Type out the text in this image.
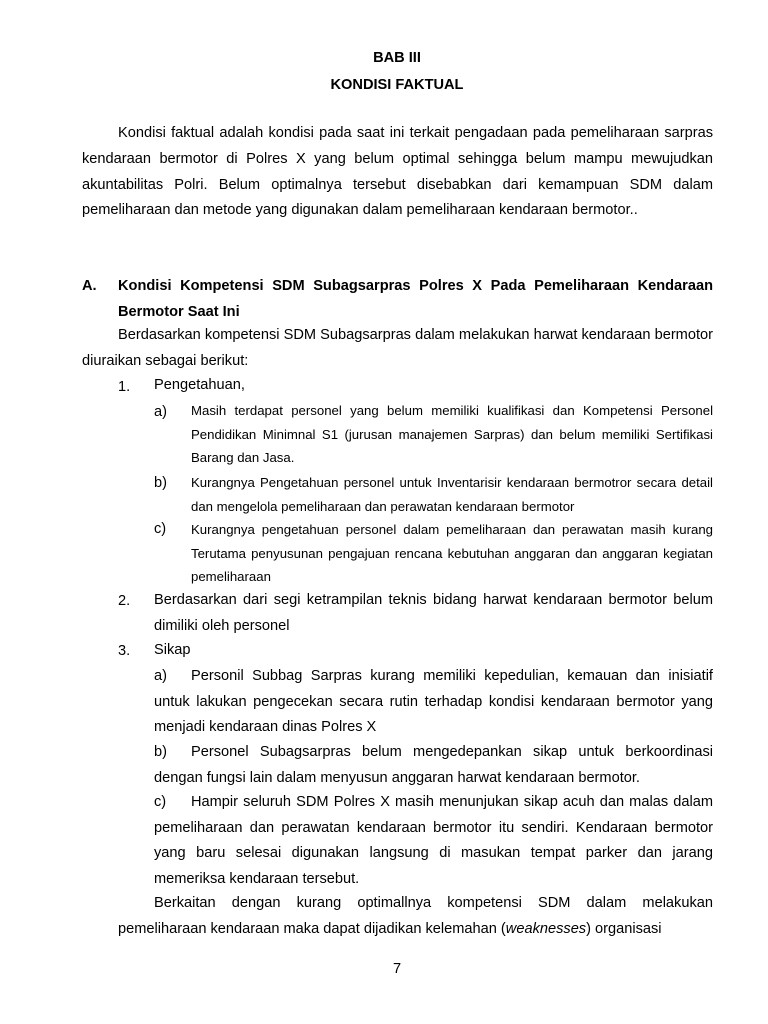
BAB III
KONDISI FAKTUAL

Kondisi faktual adalah kondisi pada saat ini terkait pengadaan pada pemeliharaan sarpras kendaraan bermotor di Polres X yang belum optimal sehingga belum mampu mewujudkan akuntabilitas Polri. Belum optimalnya tersebut disebabkan dari kemampuan SDM dalam pemeliharaan dan metode yang digunakan dalam pemeliharaan kendaraan bermotor..

A. Kondisi Kompetensi SDM Subagsarpras Polres X Pada Pemeliharaan Kendaraan Bermotor Saat Ini

Berdasarkan kompetensi SDM Subagsarpras dalam melakukan harwat kendaraan bermotor diuraikan sebagai berikut:

1. Pengetahuan,
a) Masih terdapat personel yang belum memiliki kualifikasi dan Kompetensi Personel Pendidikan Minimnal S1 (jurusan manajemen Sarpras) dan belum memiliki Sertifikasi Barang dan Jasa.
b) Kurangnya Pengetahuan personel untuk Inventarisir kendaraan bermotror secara detail dan mengelola pemeliharaan dan perawatan kendaraan bermotor
c) Kurangnya pengetahuan personel dalam pemeliharaan dan perawatan masih kurang Terutama penyusunan pengajuan rencana kebutuhan anggaran dan anggaran kegiatan pemeliharaan
2. Berdasarkan dari segi ketrampilan teknis bidang harwat kendaraan bermotor belum dimiliki oleh personel
3. Sikap

a) Personil Subbag Sarpras kurang memiliki kepedulian, kemauan dan inisiatif untuk lakukan pengecekan secara rutin terhadap kondisi kendaraan bermotor yang menjadi kendaraan dinas Polres X

b) Personel Subagsarpras belum mengedepankan sikap untuk berkoordinasi dengan fungsi lain dalam menyusun anggaran harwat kendaraan bermotor.

c) Hampir seluruh SDM Polres X masih menunjukan sikap acuh dan malas dalam pemeliharaan dan perawatan kendaraan bermotor itu sendiri. Kendaraan bermotor yang baru selesai digunakan langsung di masukan tempat parker dan jarang memeriksa kendaraan tersebut.

Berkaitan dengan kurang optimallnya kompetensi SDM dalam melakukan pemeliharaan kendaraan maka dapat dijadikan kelemahan (weaknesses) organisasi

7
